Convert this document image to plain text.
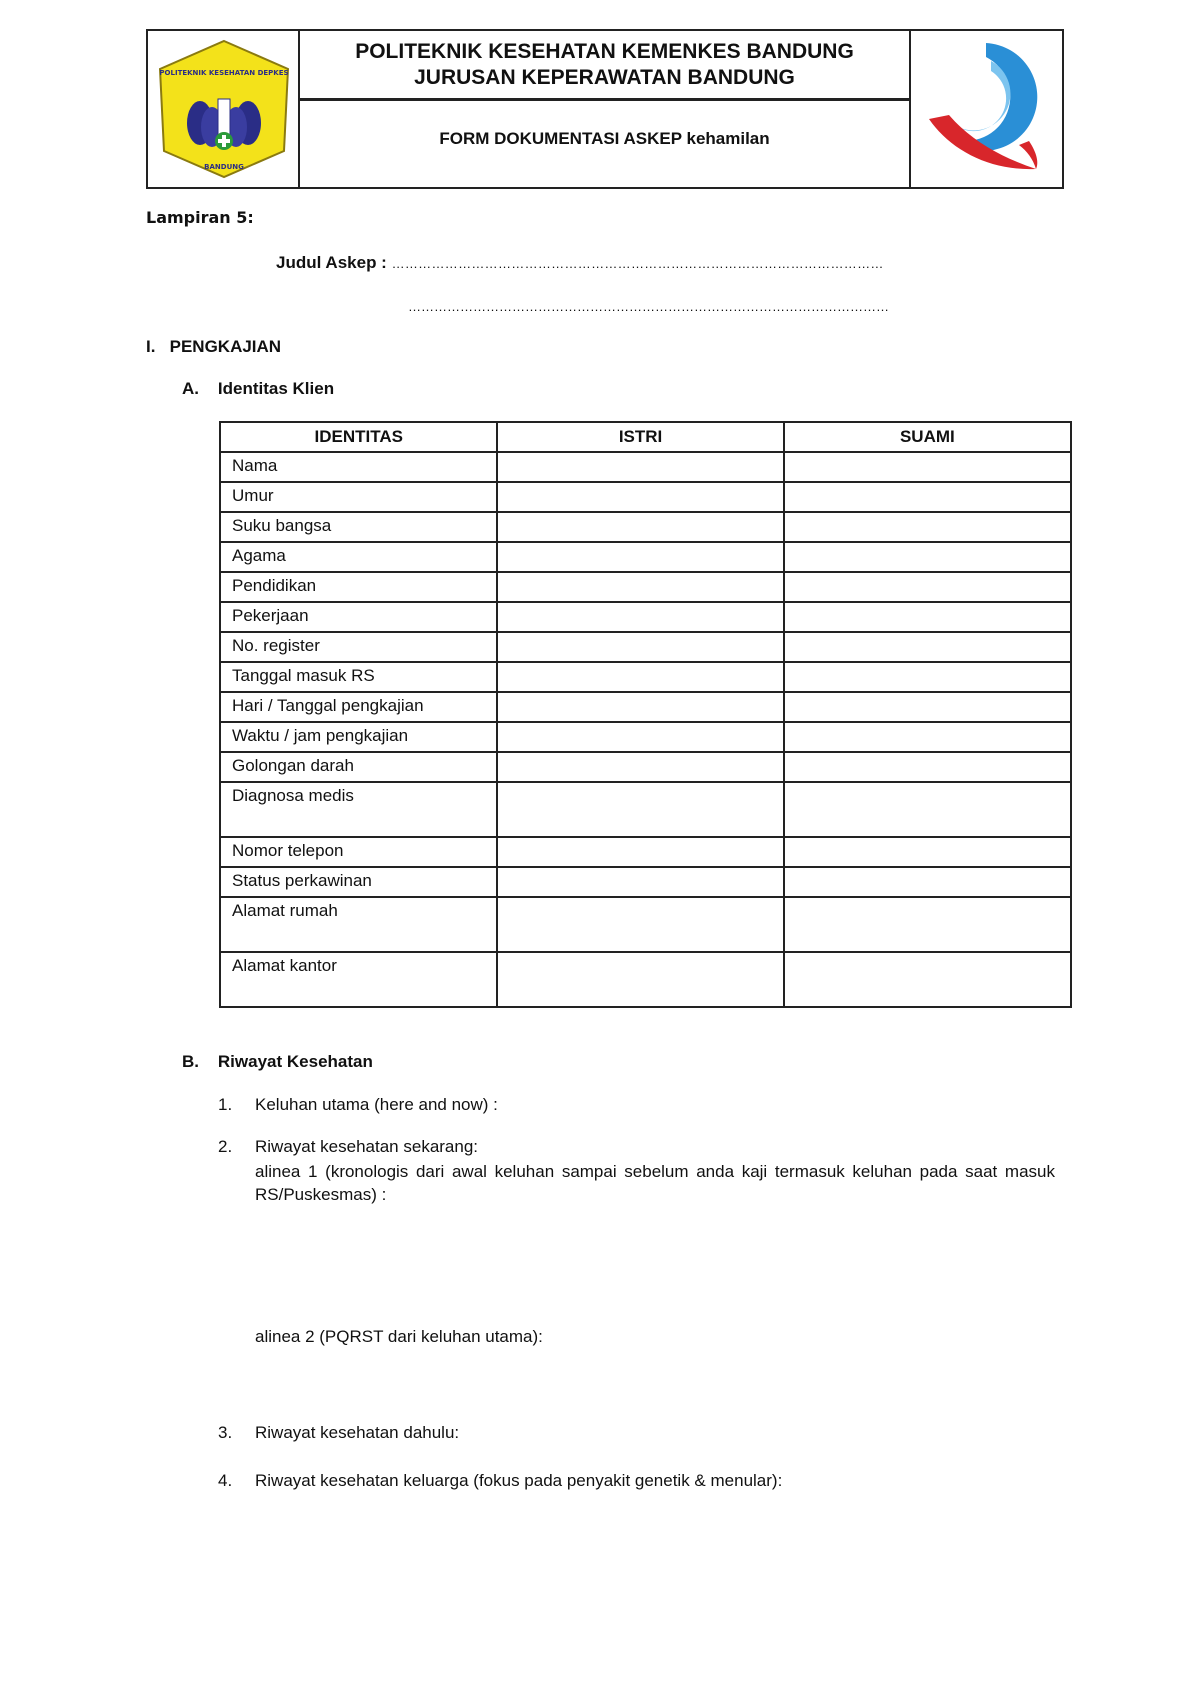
POLITEKNIK KESEHATAN DEPKES
BANDUNG
POLITEKNIK KESEHATAN KEMENKES BANDUNG
JURUSAN KEPERAWATAN BANDUNG
FORM DOKUMENTASI ASKEP kehamilan
Lampiran 5:
Judul Askep : …………………………………………………………………………………………………
…………………………………………………………………………………………………
I. PENGKAJIAN
A. Identitas Klien
IDENTITAS	ISTRI	SUAMI
Nama		
Umur		
Suku bangsa		
Agama		
Pendidikan		
Pekerjaan		
No. register		
Tanggal masuk RS		
Hari / Tanggal pengkajian		
Waktu / jam pengkajian		
Golongan darah		
Diagnosa medis		
Nomor telepon		
Status perkawinan		
Alamat rumah		
Alamat kantor		
B. Riwayat Kesehatan
1. Keluhan utama (here and now) :
2. Riwayat kesehatan sekarang:
alinea 1 (kronologis dari awal keluhan sampai sebelum anda kaji termasuk keluhan pada saat masuk RS/Puskesmas) :
alinea 2 (PQRST dari keluhan utama):
3. Riwayat kesehatan dahulu:
4. Riwayat kesehatan keluarga (fokus pada penyakit genetik & menular):
